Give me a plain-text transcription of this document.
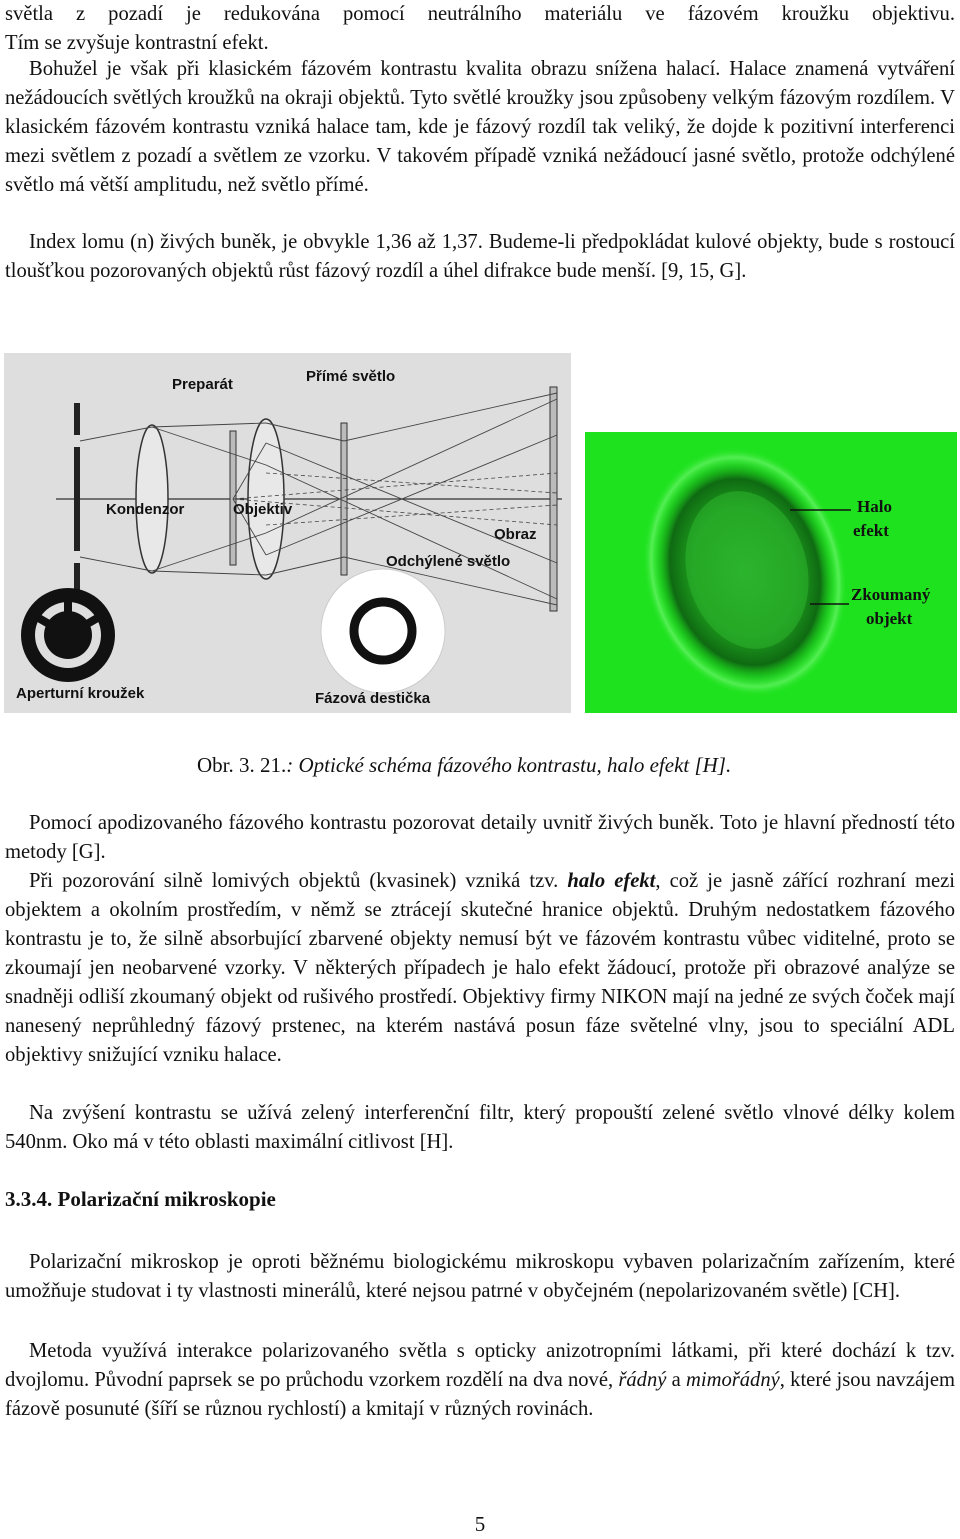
světla z pozadí je redukována pomocí neutrálního materiálu ve fázovém kroužku objektivu.
Tím se zvyšuje kontrastní efekt.

Bohužel je však při klasickém fázovém kontrastu kvalita obrazu snížena halací. Halace znamená vytváření nežádoucích světlých kroužků na okraji objektů. Tyto světlé kroužky jsou způsobeny velkým fázovým rozdílem. V klasickém fázovém kontrastu vzniká halace tam, kde je fázový rozdíl tak veliký, že dojde k pozitivní interferenci mezi světlem z pozadí a světlem ze vzorku. V takovém případě vzniká nežádoucí jasné světlo, protože odchýlené světlo má větší amplitudu, než světlo přímé.

Index lomu (n) živých buněk, je obvykle 1,36 až 1,37. Budeme-li předpokládat kulové objekty, bude s rostoucí tloušťkou pozorovaných objektů růst fázový rozdíl a úhel difrakce bude menší. [9, 15, G].

Preparát	Přímé světlo
Kondenzor	Objektiv
Obraz
Odchýlené světlo
Aperturní kroužek	Fázová destička
Halo
efekt
Zkoumaný
objekt
Obr. 3. 21.: Optické schéma fázového kontrastu, halo efekt [H].

Pomocí apodizovaného fázového kontrastu pozorovat detaily uvnitř živých buněk. Toto je hlavní předností této metody [G].

Při pozorování silně lomivých objektů (kvasinek) vzniká tzv. halo efekt, což je jasně zářící rozhraní mezi objektem a okolním prostředím, v němž se ztrácejí skutečné hranice objektů. Druhým nedostatkem fázového kontrastu je to, že silně absorbující zbarvené objekty nemusí být ve fázovém kontrastu vůbec viditelné, proto se zkoumají jen neobarvené vzorky. V některých případech je halo efekt žádoucí, protože při obrazové analýze se snadněji odliší zkoumaný objekt od rušivého prostředí. Objektivy firmy NIKON mají na jedné ze svých čoček mají nanesený neprůhledný fázový prstenec, na kterém nastává posun fáze světelné vlny, jsou to speciální ADL objektivy snižující vzniku halace.

Na zvýšení kontrastu se užívá zelený interferenční filtr, který propouští zelené světlo vlnové délky kolem 540nm. Oko má v této oblasti maximální citlivost [H].

3.3.4. Polarizační mikroskopie

Polarizační mikroskop je oproti běžnému biologickému mikroskopu vybaven polarizačním zařízením, které umožňuje studovat i ty vlastnosti minerálů, které nejsou patrné v obyčejném (nepolarizovaném světle) [CH].

Metoda využívá interakce polarizovaného světla s opticky anizotropními látkami, při které dochází k tzv. dvojlomu. Původní paprsek se po průchodu vzorkem rozdělí na dva nové, řádný a mimořádný, které jsou navzájem fázově posunuté (šíří se různou rychlostí) a kmitají v různých rovinách.

5
